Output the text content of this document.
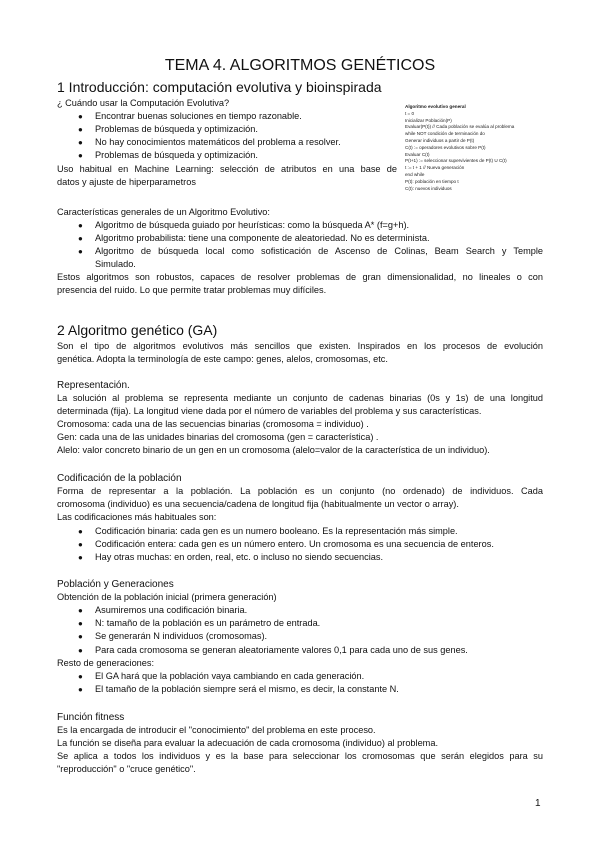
TEMA 4. ALGORITMOS GENÉTICOS
1 Introducción: computación evolutiva y bioinspirada
¿ Cuándo usar la Computación Evolutiva?
● Encontrar buenas soluciones en tiempo razonable.
● Problemas de búsqueda y optimización.
● No hay conocimientos matemáticos del problema a resolver.
● Problemas de búsqueda y optimización.
Uso habitual en Machine Learning: selección de atributos en una base de
datos y ajuste de hiperparametros
Algoritmo evolutivo general
t = 0
Inicializar Población(P)
Evaluar(P(t)) // Cada población se evalúa al problema
while NOT condición de terminación do
Generar individuos a partir de P(t)
C(t) := operadores evolutivos sobre P(t)
Evaluar C(t)
P(t+1) := seleccionar supervivientes de P(t) U C(t)
t := t + 1 // Nueva generación
end while
P(t): población en tiempo t
C(t): nuevos individuos
Características generales de un Algoritmo Evolutivo:
● Algoritmo de búsqueda guiado por heurísticas: como la búsqueda A* (f=g+h).
● Algoritmo probabilista: tiene una componente de aleatoriedad. No es determinista.
● Algoritmo de búsqueda local como sofisticación de Ascenso de Colinas, Beam Search y Temple
Simulado.
Estos algoritmos son robustos, capaces de resolver problemas de gran dimensionalidad, no lineales o con
presencia del ruido. Lo que permite tratar problemas muy difíciles.
2 Algoritmo genético (GA)
Son el tipo de algoritmos evolutivos más sencillos que existen. Inspirados en los procesos de evolución
genética. Adopta la terminología de este campo: genes, alelos, cromosomas, etc.
Representación.
La solución al problema se representa mediante un conjunto de cadenas binarias (0s y 1s) de una longitud
determinada (fija). La longitud viene dada por el número de variables del problema y sus características.
Cromosoma: cada una de las secuencias binarias (cromosoma = individuo) .
Gen: cada una de las unidades binarias del cromosoma (gen = característica) .
Alelo: valor concreto binario de un gen en un cromosoma (alelo=valor de la característica de un individuo).
Codificación de la población
Forma de representar a la población. La población es un conjunto (no ordenado) de individuos. Cada
cromosoma (individuo) es una secuencia/cadena de longitud fija (habitualmente un vector o array).
Las codificaciones más habituales son:
● Codificación binaria: cada gen es un numero booleano. Es la representación más simple.
● Codificación entera: cada gen es un número entero. Un cromosoma es una secuencia de enteros.
● Hay otras muchas: en orden, real, etc. o incluso no siendo secuencias.
Población y Generaciones
Obtención de la población inicial (primera generación)
● Asumiremos una codificación binaria.
● N: tamaño de la población es un parámetro de entrada.
● Se generarán N individuos (cromosomas).
● Para cada cromosoma se generan aleatoriamente valores 0,1 para cada uno de sus genes.
Resto de generaciones:
● El GA hará que la población vaya cambiando en cada generación.
● El tamaño de la población siempre será el mismo, es decir, la constante N.
Función fitness
Es la encargada de introducir el "conocimiento" del problema en este proceso.
La función se diseña para evaluar la adecuación de cada cromosoma (individuo) al problema.
Se aplica a todos los individuos y es la base para seleccionar los cromosomas que serán elegidos para su
"reproducción" o "cruce genético".
1
